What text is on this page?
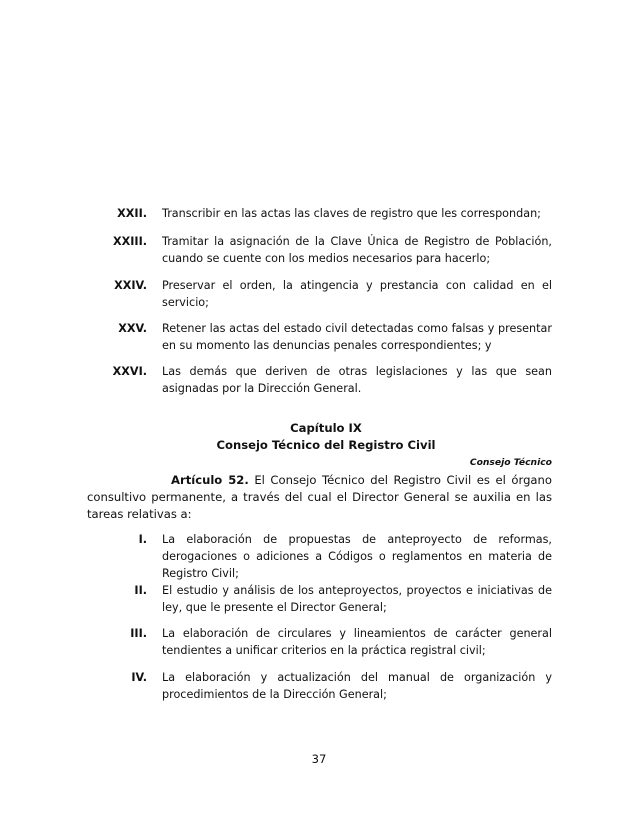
XXII. Transcribir en las actas las claves de registro que les correspondan;
XXIII. Tramitar la asignación de la Clave Única de Registro de Población, cuando se cuente con los medios necesarios para hacerlo;
XXIV. Preservar el orden, la atingencia y prestancia con calidad en el servicio;
XXV. Retener las actas del estado civil detectadas como falsas y presentar en su momento las denuncias penales correspondientes; y
XXVI. Las demás que deriven de otras legislaciones y las que sean asignadas por la Dirección General.
Capítulo IX
Consejo Técnico del Registro Civil
Consejo Técnico
Artículo 52. El Consejo Técnico del Registro Civil es el órgano consultivo permanente, a través del cual el Director General se auxilia en las tareas relativas a:
I. La elaboración de propuestas de anteproyecto de reformas, derogaciones o adiciones a Códigos o reglamentos en materia de Registro Civil;
II. El estudio y análisis de los anteproyectos, proyectos e iniciativas de ley, que le presente el Director General;
III. La elaboración de circulares y lineamientos de carácter general tendientes a unificar criterios en la práctica registral civil;
IV. La elaboración y actualización del manual de organización y procedimientos de la Dirección General;
37
